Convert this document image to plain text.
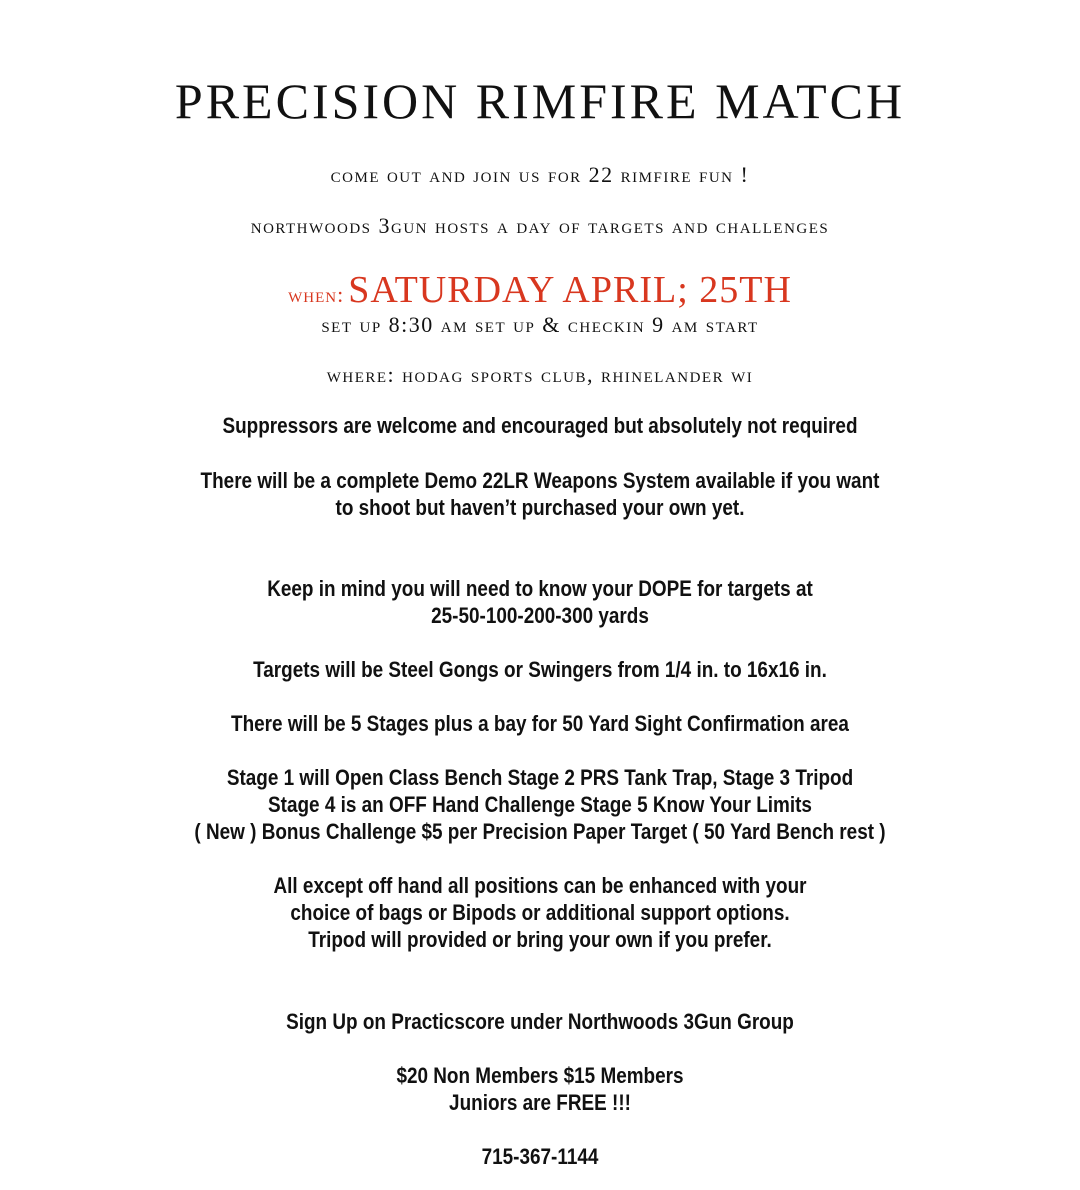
PRECISION RIMFIRE MATCH
come out and join us for 22 rimfire fun !
northwoods 3gun hosts a day of targets and challenges
when: SATURDAY APRIL; 25TH
set up 8:30 am set up & checkin 9 am start
where: hodag sports club, rhinelander wi
Suppressors are welcome and encouraged but absolutely not required
There will be a complete Demo 22LR Weapons System available if you want
to shoot but haven’t purchased your own yet.
Keep in mind you will need to know your DOPE for targets at
25-50-100-200-300 yards
Targets will be Steel Gongs or Swingers from 1/4 in. to 16x16 in.
There will be 5 Stages plus a bay for 50 Yard Sight Confirmation area
Stage 1 will Open Class Bench Stage 2 PRS Tank Trap, Stage 3 Tripod
Stage 4 is an OFF Hand Challenge Stage 5 Know Your Limits
( New ) Bonus Challenge $5 per Precision Paper Target ( 50 Yard Bench rest )
All except off hand all positions can be enhanced with your
choice of bags or Bipods or additional support options.
Tripod will provided or bring your own if you prefer.
Sign Up on Practicscore under Northwoods 3Gun Group
$20 Non Members $15 Members
Juniors are FREE !!!
715-367-1144
